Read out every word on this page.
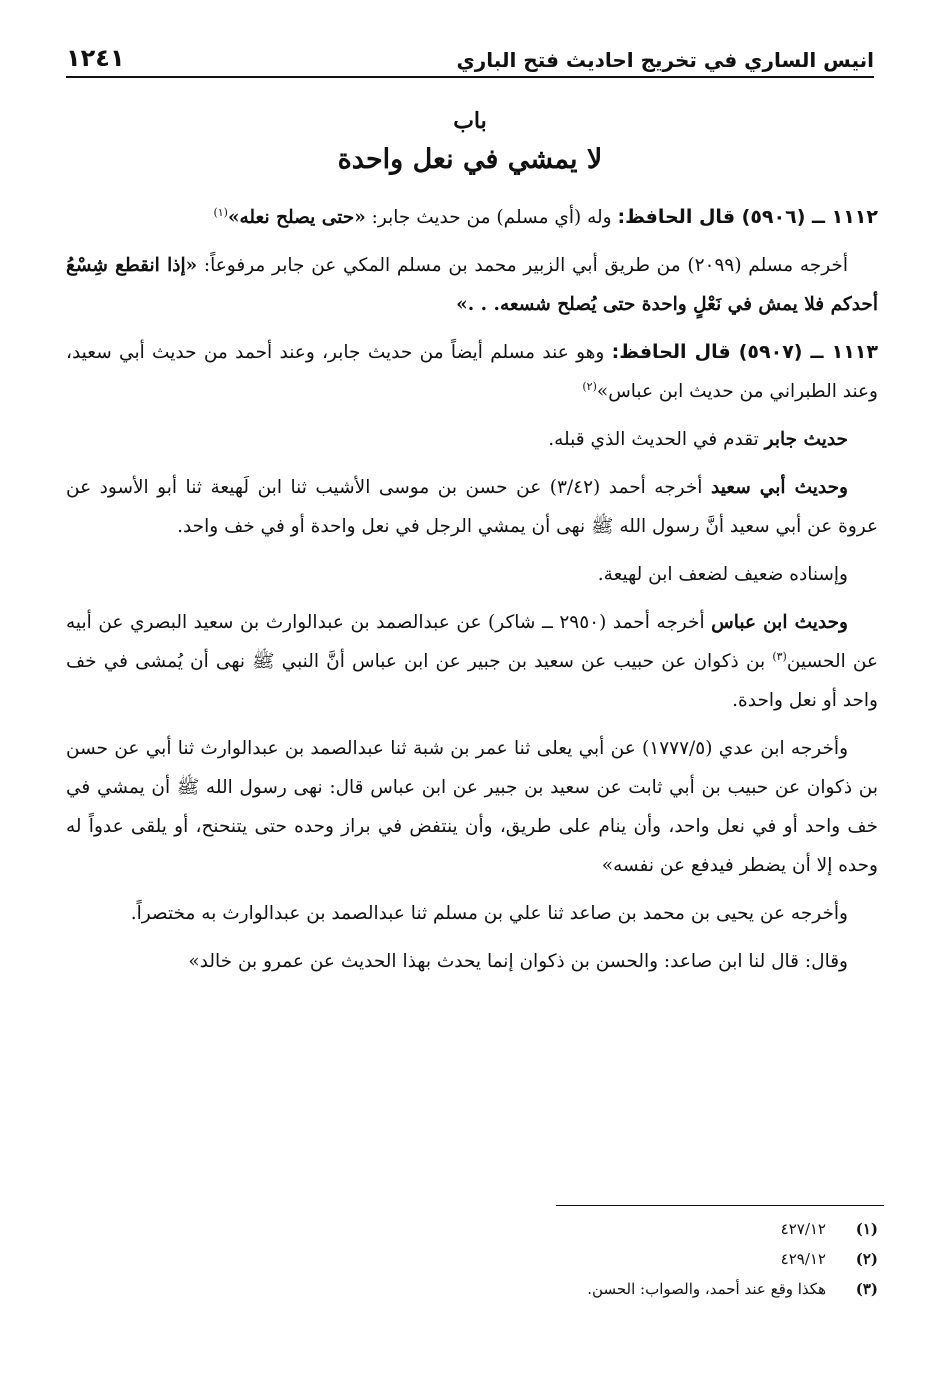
انيس الساري في تخريج احاديث فتح الباري
١٢٤١
باب
لا يمشي في نعل واحدة

١١١٢ ــ (٥٩٠٦) قال الحافظ: وله (أي مسلم) من حديث جابر: «حتى يصلح نعله»$^{(١)}$

أخرجه مسلم (٢٠٩٩) من طريق أبي الزبير محمد بن مسلم المكي عن جابر مرفوعاً: «إذا انقطع شِسْعُ أحدكم فلا يمش في نَعْلٍ واحدة حتى يُصلح شسعه. . .»

١١١٣ ــ (٥٩٠٧) قال الحافظ: وهو عند مسلم أيضاً من حديث جابر، وعند أحمد من حديث أبي سعيد، وعند الطبراني من حديث ابن عباس»$^{(٢)}$

حديث جابر تقدم في الحديث الذي قبله.

وحديث أبي سعيد أخرجه أحمد (٣/٤٢) عن حسن بن موسى الأشيب ثنا ابن لَهيعة ثنا أبو الأسود عن عروة عن أبي سعيد أنَّ رسول الله ﷺ نهى أن يمشي الرجل في نعل واحدة أو في خف واحد.

وإسناده ضعيف لضعف ابن لهيعة.

وحديث ابن عباس أخرجه أحمد (٢٩٥٠ ــ شاكر) عن عبدالصمد بن عبدالوارث بن سعيد البصري عن أبيه عن الحسين$^{(٣)}$ بن ذكوان عن حبيب عن سعيد بن جبير عن ابن عباس أنَّ النبي ﷺ نهى أن يُمشى في خف واحد أو نعل واحدة.

وأخرجه ابن عدي (١٧٧٧/٥) عن أبي يعلى ثنا عمر بن شبة ثنا عبدالصمد بن عبدالوارث ثنا أبي عن حسن بن ذكوان عن حبيب بن أبي ثابت عن سعيد بن جبير عن ابن عباس قال: نهى رسول الله ﷺ أن يمشي في خف واحد أو في نعل واحد، وأن ينام على طريق، وأن ينتفض في براز وحده حتى يتنحنح، أو يلقى عدواً له وحده إلا أن يضطر فيدفع عن نفسه»

وأخرجه عن يحيى بن محمد بن صاعد ثنا علي بن مسلم ثنا عبدالصمد بن عبدالوارث به مختصراً.

وقال: قال لنا ابن صاعد: والحسن بن ذكوان إنما يحدث بهذا الحديث عن عمرو بن خالد»

(١)
٤٢٧/١٢
(٢)
٤٢٩/١٢
(٣)
هكذا وقع عند أحمد، والصواب: الحسن.
